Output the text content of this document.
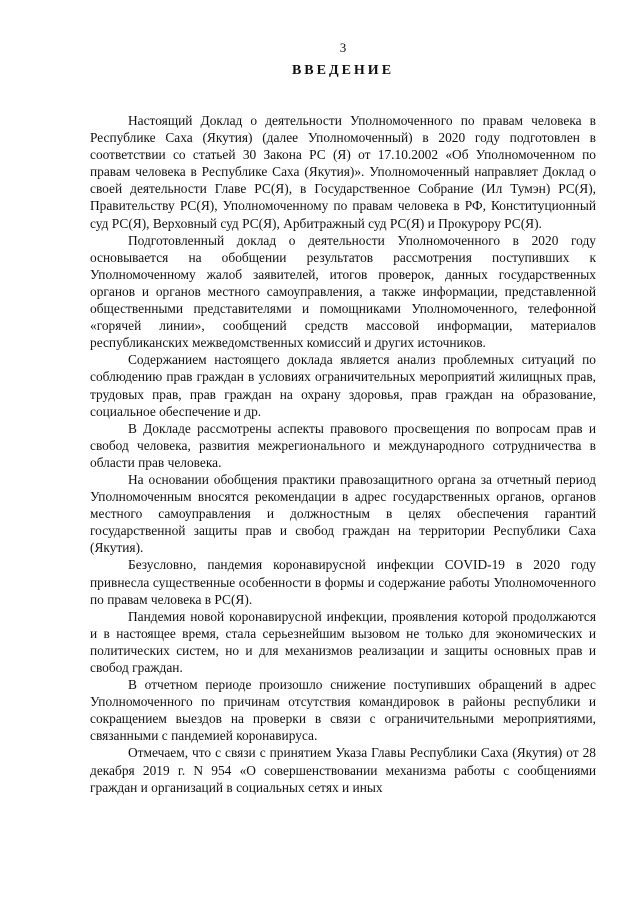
3
ВВЕДЕНИЕ

Настоящий Доклад о деятельности Уполномоченного по правам человека в Республике Саха (Якутия) (далее Уполномоченный) в 2020 году подготовлен в соответствии со статьей 30 Закона РС (Я) от 17.10.2002 «Об Уполномоченном по правам человека в Республике Саха (Якутия)». Уполномоченный направляет Доклад о своей деятельности Главе РС(Я), в Государственное Собрание (Ил Тумэн) РС(Я), Правительству РС(Я), Уполномоченному по правам человека в РФ, Конституционный суд РС(Я), Верховный суд РС(Я), Арбитражный суд РС(Я) и Прокурору РС(Я).

Подготовленный доклад о деятельности Уполномоченного в 2020 году основывается на обобщении результатов рассмотрения поступивших к Уполномоченному жалоб заявителей, итогов проверок, данных государственных органов и органов местного самоуправления, а также информации, представленной общественными представителями и помощниками Уполномоченного, телефонной «горячей линии», сообщений средств массовой информации, материалов республиканских межведомственных комиссий и других источников.

Содержанием настоящего доклада является анализ проблемных ситуаций по соблюдению прав граждан в условиях ограничительных мероприятий жилищных прав, трудовых прав, прав граждан на охрану здоровья, прав граждан на образование, социальное обеспечение и др.

В Докладе рассмотрены аспекты правового просвещения по вопросам прав и свобод человека, развития межрегионального и международного сотрудничества в области прав человека.

На основании обобщения практики правозащитного органа за отчетный период Уполномоченным вносятся рекомендации в адрес государственных органов, органов местного самоуправления и должностным в целях обеспечения гарантий государственной защиты прав и свобод граждан на территории Республики Саха (Якутия).

Безусловно, пандемия коронавирусной инфекции COVID-19 в 2020 году привнесла существенные особенности в формы и содержание работы Уполномоченного по правам человека в РС(Я).

Пандемия новой коронавирусной инфекции, проявления которой продолжаются и в настоящее время, стала серьезнейшим вызовом не только для экономических и политических систем, но и для механизмов реализации и защиты основных прав и свобод граждан.

В отчетном периоде произошло снижение поступивших обращений в адрес Уполномоченного по причинам отсутствия командировок в районы республики и сокращением выездов на проверки в связи с ограничительными мероприятиями, связанными с пандемией коронавируса.

Отмечаем, что с связи с принятием Указа Главы Республики Саха (Якутия) от 28 декабря 2019 г. N 954 «О совершенствовании механизма работы с сообщениями граждан и организаций в социальных сетях и иных
